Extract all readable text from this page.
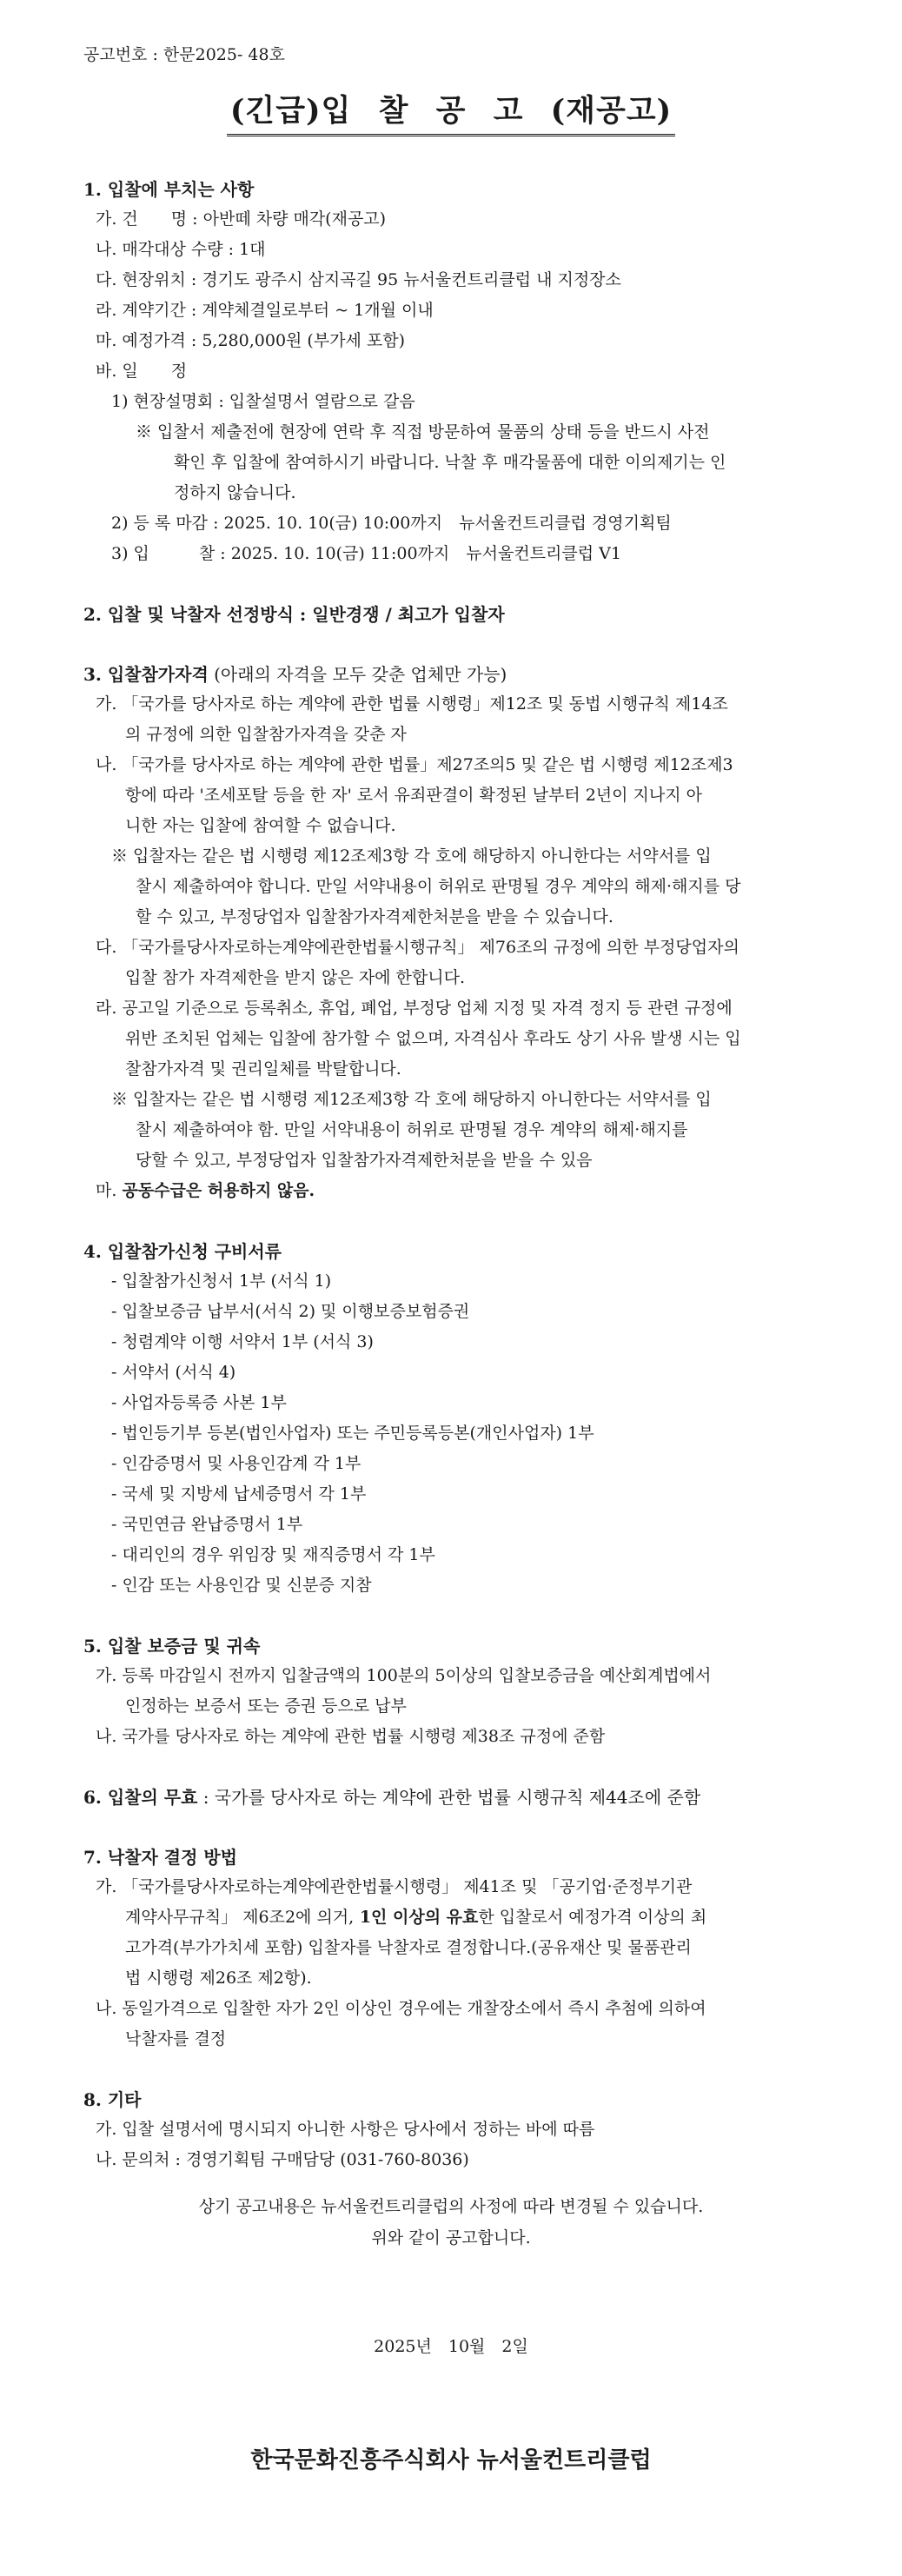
공고번호 : 한문2025- 48호
(긴급)입 찰 공 고 (재공고)
1. 입찰에 부치는 사항
가. 건　　명 : 아반떼 차량 매각(재공고)
나. 매각대상 수량 : 1대
다. 현장위치 : 경기도 광주시 삼지곡길 95 뉴서울컨트리클럽 내 지정장소
라. 계약기간 : 계약체결일로부터 ~ 1개월 이내
마. 예정가격 : 5,280,000원 (부가세 포함)
바. 일　　정
1) 현장설명회 : 입찰설명서 열람으로 갈음
※ 입찰서 제출전에 현장에 연락 후 직접 방문하여 물품의 상태 등을 반드시 사전
확인 후 입찰에 참여하시기 바랍니다. 낙찰 후 매각물품에 대한 이의제기는 인
정하지 않습니다.
2) 등 록 마감 : 2025. 10. 10(금) 10:00까지　뉴서울컨트리클럽 경영기획팀
3) 입　　　찰 : 2025. 10. 10(금) 11:00까지　뉴서울컨트리클럽 V1
2. 입찰 및 낙찰자 선정방식 : 일반경쟁 / 최고가 입찰자
3. 입찰참가자격 (아래의 자격을 모두 갖춘 업체만 가능)
가. 「국가를 당사자로 하는 계약에 관한 법률 시행령」제12조 및 동법 시행규칙 제14조
의 규정에 의한 입찰참가자격을 갖춘 자
나. 「국가를 당사자로 하는 계약에 관한 법률」제27조의5 및 같은 법 시행령 제12조제3
항에 따라 '조세포탈 등을 한 자' 로서 유죄판결이 확정된 날부터 2년이 지나지 아
니한 자는 입찰에 참여할 수 없습니다.
※ 입찰자는 같은 법 시행령 제12조제3항 각 호에 해당하지 아니한다는 서약서를 입
찰시 제출하여야 합니다. 만일 서약내용이 허위로 판명될 경우 계약의 해제·해지를 당
할 수 있고, 부정당업자 입찰참가자격제한처분을 받을 수 있습니다.
다. 「국가를당사자로하는계약에관한법률시행규칙」 제76조의 규정에 의한 부정당업자의
입찰 참가 자격제한을 받지 않은 자에 한합니다.
라. 공고일 기준으로 등록취소, 휴업, 폐업, 부정당 업체 지정 및 자격 정지 등 관련 규정에
위반 조치된 업체는 입찰에 참가할 수 없으며, 자격심사 후라도 상기 사유 발생 시는 입
찰참가자격 및 권리일체를 박탈합니다.
※ 입찰자는 같은 법 시행령 제12조제3항 각 호에 해당하지 아니한다는 서약서를 입
찰시 제출하여야 함. 만일 서약내용이 허위로 판명될 경우 계약의 해제·해지를
당할 수 있고, 부정당업자 입찰참가자격제한처분을 받을 수 있음
마. 공동수급은 허용하지 않음.
4. 입찰참가신청 구비서류
- 입찰참가신청서 1부 (서식 1)
- 입찰보증금 납부서(서식 2) 및 이행보증보험증권
- 청렴계약 이행 서약서 1부 (서식 3)
- 서약서 (서식 4)
- 사업자등록증 사본 1부
- 법인등기부 등본(법인사업자) 또는 주민등록등본(개인사업자) 1부
- 인감증명서 및 사용인감계 각 1부
- 국세 및 지방세 납세증명서 각 1부
- 국민연금 완납증명서 1부
- 대리인의 경우 위임장 및 재직증명서 각 1부
- 인감 또는 사용인감 및 신분증 지참
5. 입찰 보증금 및 귀속
가. 등록 마감일시 전까지 입찰금액의 100분의 5이상의 입찰보증금을 예산회계법에서
인정하는 보증서 또는 증권 등으로 납부
나. 국가를 당사자로 하는 계약에 관한 법률 시행령 제38조 규정에 준함
6. 입찰의 무효 : 국가를 당사자로 하는 계약에 관한 법률 시행규칙 제44조에 준함
7. 낙찰자 결정 방법
가. 「국가를당사자로하는계약에관한법률시행령」 제41조 및 「공기업·준정부기관
계약사무규칙」 제6조2에 의거, 1인 이상의 유효한 입찰로서 예정가격 이상의 최
고가격(부가가치세 포함) 입찰자를 낙찰자로 결정합니다.(공유재산 및 물품관리
법 시행령 제26조 제2항).
나. 동일가격으로 입찰한 자가 2인 이상인 경우에는 개찰장소에서 즉시 추첨에 의하여
낙찰자를 결정
8. 기타
가. 입찰 설명서에 명시되지 아니한 사항은 당사에서 정하는 바에 따름
나. 문의처 : 경영기획팀 구매담당 (031-760-8036)
상기 공고내용은 뉴서울컨트리클럽의 사정에 따라 변경될 수 있습니다.
위와 같이 공고합니다.
2025년　10월　2일
한국문화진흥주식회사 뉴서울컨트리클럽
